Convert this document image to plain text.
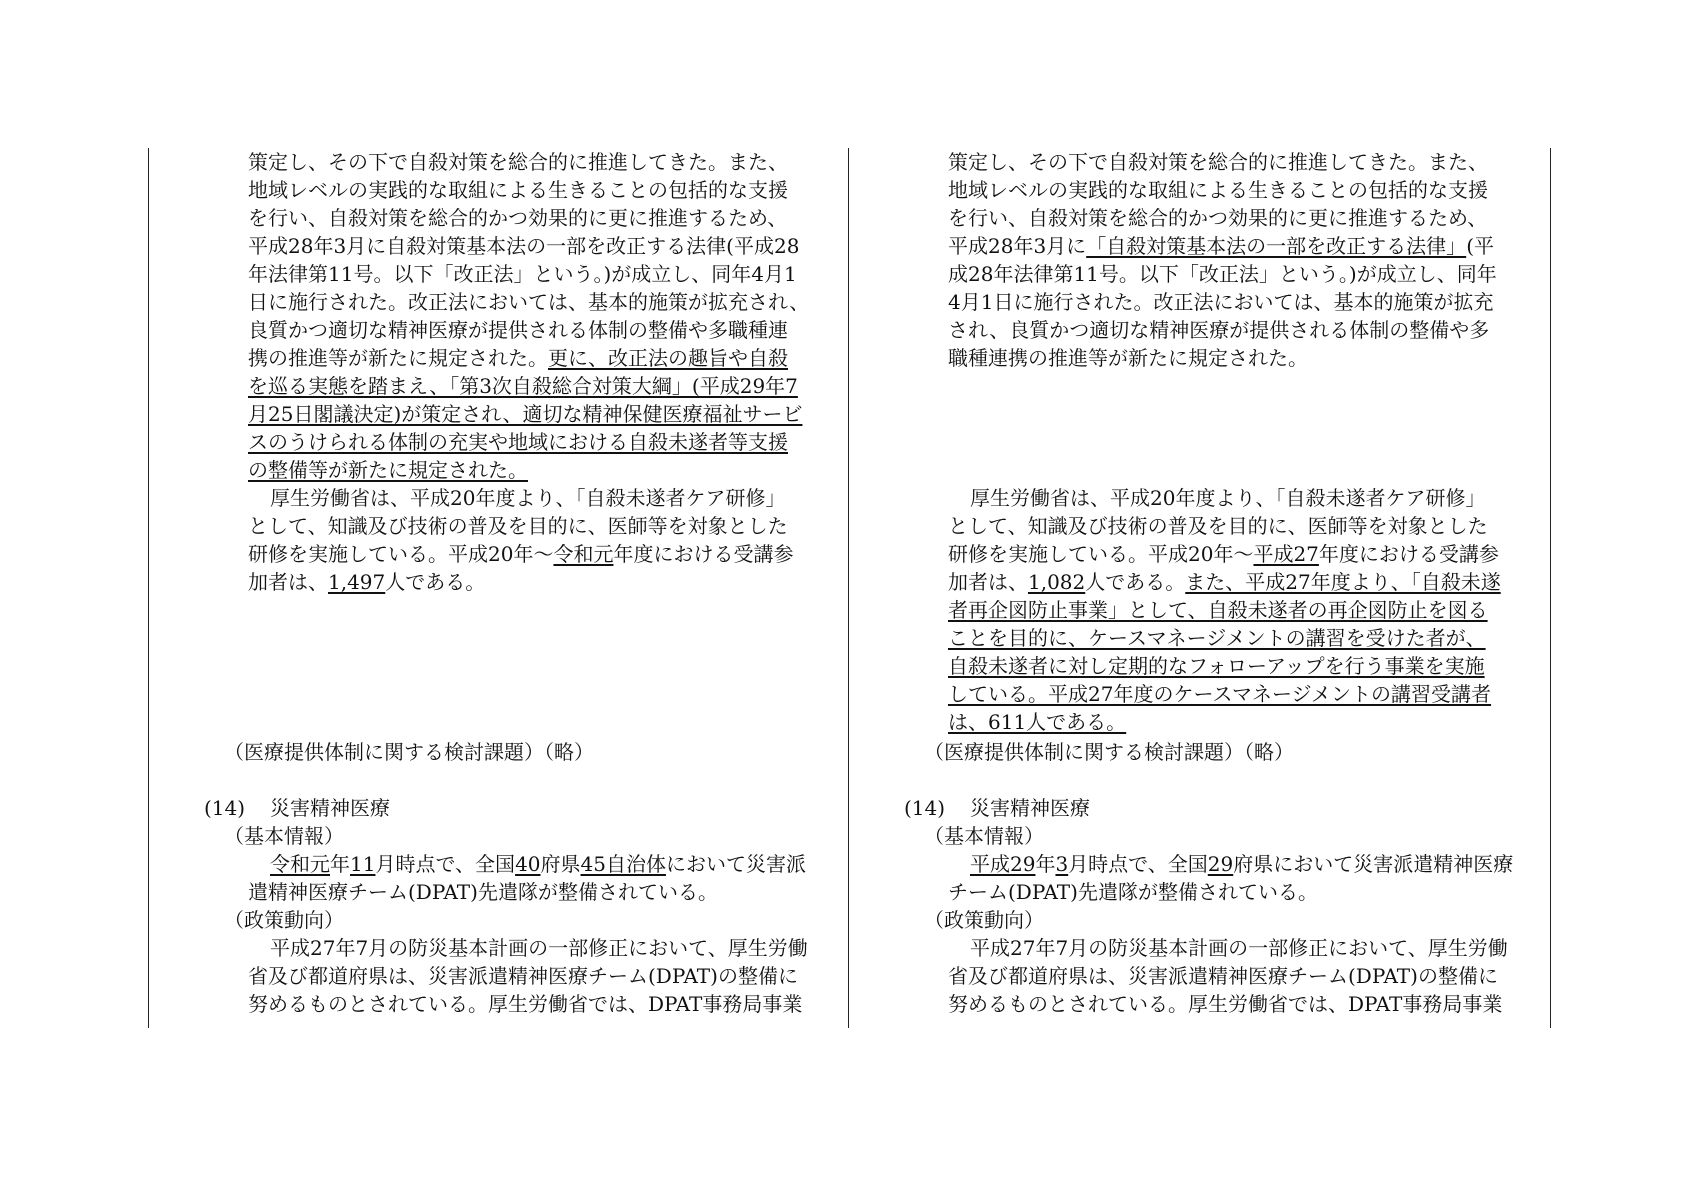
策定し、その下で自殺対策を総合的に推進してきた。また、
地域レベルの実践的な取組による生きることの包括的な支援
を行い、自殺対策を総合的かつ効果的に更に推進するため、
平成28年3月に自殺対策基本法の一部を改正する法律(平成28
年法律第11号。以下「改正法」という。)が成立し、同年4月1
日に施行された。改正法においては、基本的施策が拡充され、
良質かつ適切な精神医療が提供される体制の整備や多職種連
携の推進等が新たに規定された。更に、改正法の趣旨や自殺
を巡る実態を踏まえ、「第3次自殺総合対策大綱」(平成29年7
月25日閣議決定)が策定され、適切な精神保健医療福祉サービ
スのうけられる体制の充実や地域における自殺未遂者等支援
の整備等が新たに規定された。
厚生労働省は、平成20年度より、「自殺未遂者ケア研修」
として、知識及び技術の普及を目的に、医師等を対象とした
研修を実施している。平成20年〜令和元年度における受講参
加者は、1,497人である。
（医療提供体制に関する検討課題）（略）
(14) 災害精神医療
（基本情報）
令和元年11月時点で、全国40府県45自治体において災害派
遣精神医療チーム(DPAT)先遣隊が整備されている。
（政策動向）
平成27年7月の防災基本計画の一部修正において、厚生労働
省及び都道府県は、災害派遣精神医療チーム(DPAT)の整備に
努めるものとされている。厚生労働省では、DPAT事務局事業
策定し、その下で自殺対策を総合的に推進してきた。また、
地域レベルの実践的な取組による生きることの包括的な支援
を行い、自殺対策を総合的かつ効果的に更に推進するため、
平成28年3月に「自殺対策基本法の一部を改正する法律」(平
成28年法律第11号。以下「改正法」という。)が成立し、同年
4月1日に施行された。改正法においては、基本的施策が拡充
され、良質かつ適切な精神医療が提供される体制の整備や多
職種連携の推進等が新たに規定された。
厚生労働省は、平成20年度より、「自殺未遂者ケア研修」
として、知識及び技術の普及を目的に、医師等を対象とした
研修を実施している。平成20年〜平成27年度における受講参
加者は、1,082人である。また、平成27年度より、「自殺未遂
者再企図防止事業」として、自殺未遂者の再企図防止を図る
ことを目的に、ケースマネージメントの講習を受けた者が、
自殺未遂者に対し定期的なフォローアップを行う事業を実施
している。平成27年度のケースマネージメントの講習受講者
は、611人である。
（医療提供体制に関する検討課題）（略）
(14) 災害精神医療
（基本情報）
平成29年3月時点で、全国29府県において災害派遣精神医療
チーム(DPAT)先遣隊が整備されている。
（政策動向）
平成27年7月の防災基本計画の一部修正において、厚生労働
省及び都道府県は、災害派遣精神医療チーム(DPAT)の整備に
努めるものとされている。厚生労働省では、DPAT事務局事業
